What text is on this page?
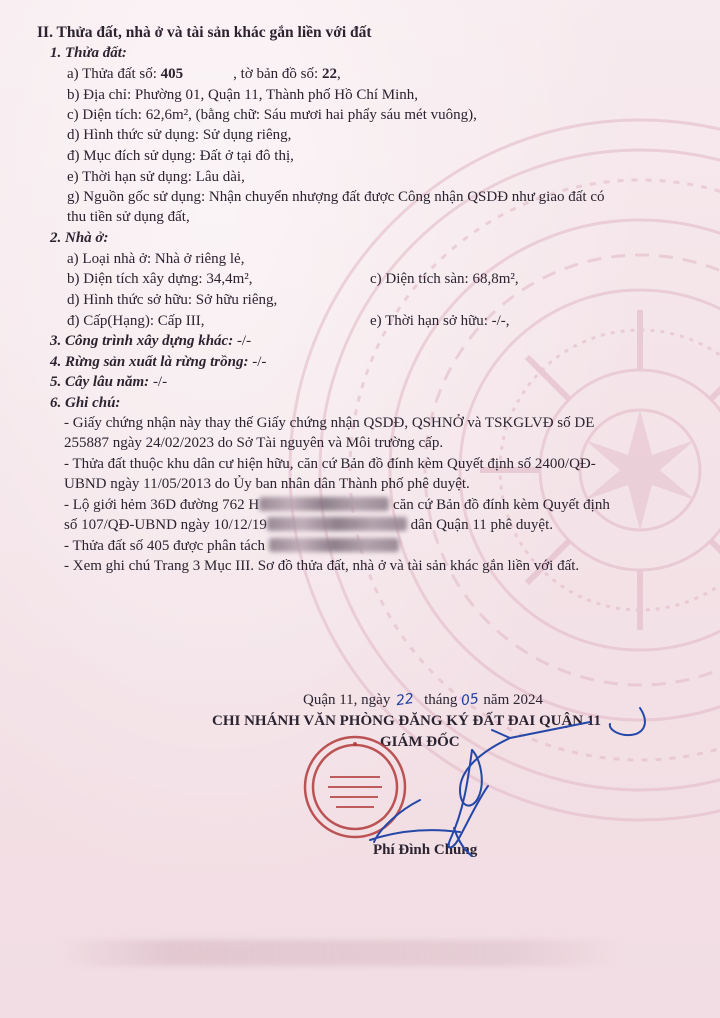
II. Thửa đất, nhà ở và tài sản khác gắn liền với đất
1. Thửa đất:
a) Thửa đất số: 405	, tờ bản đồ số: 22,
b) Địa chỉ: Phường 01, Quận 11, Thành phố Hồ Chí Minh,
c) Diện tích: 62,6m², (bằng chữ: Sáu mươi hai phẩy sáu mét vuông),
d) Hình thức sử dụng: Sử dụng riêng,
đ) Mục đích sử dụng: Đất ở tại đô thị,
e) Thời hạn sử dụng: Lâu dài,
g) Nguồn gốc sử dụng: Nhận chuyển nhượng đất được Công nhận QSDĐ như giao đất có
thu tiền sử dụng đất,
2. Nhà ở:
a) Loại nhà ở: Nhà ở riêng lẻ,
b) Diện tích xây dựng: 34,4m²,	c) Diện tích sàn: 68,8m²,
d) Hình thức sở hữu: Sở hữu riêng,
đ) Cấp(Hạng): Cấp III,	e) Thời hạn sở hữu: -/-,
3. Công trình xây dựng khác: -/-
4. Rừng sản xuất là rừng trồng: -/-
5. Cây lâu năm: -/-
6. Ghi chú:
- Giấy chứng nhận này thay thế Giấy chứng nhận QSDĐ, QSHNỞ và TSKGLVĐ số DE
255887 ngày 24/02/2023 do Sở Tài nguyên và Môi trường cấp.
- Thửa đất thuộc khu dân cư hiện hữu, căn cứ Bản đồ đính kèm Quyết định số 2400/QĐ-
UBND ngày 11/05/2013 do Ủy ban nhân dân Thành phố phê duyệt.
- Lộ giới hẻm 36D đường 762 H	căn cứ Bản đồ đính kèm Quyết định
số 107/QĐ-UBND ngày 10/12/19	dân Quận 11 phê duyệt.
- Thửa đất số 405 được phân tách
- Xem ghi chú Trang 3 Mục III. Sơ đồ thửa đất, nhà ở và tài sản khác gắn liền với đất.
Quận 11, ngày 22 tháng 05 năm 2024
CHI NHÁNH VĂN PHÒNG ĐĂNG KÝ ĐẤT ĐAI QUẬN 11
GIÁM ĐỐC
Phí Đình Chung
